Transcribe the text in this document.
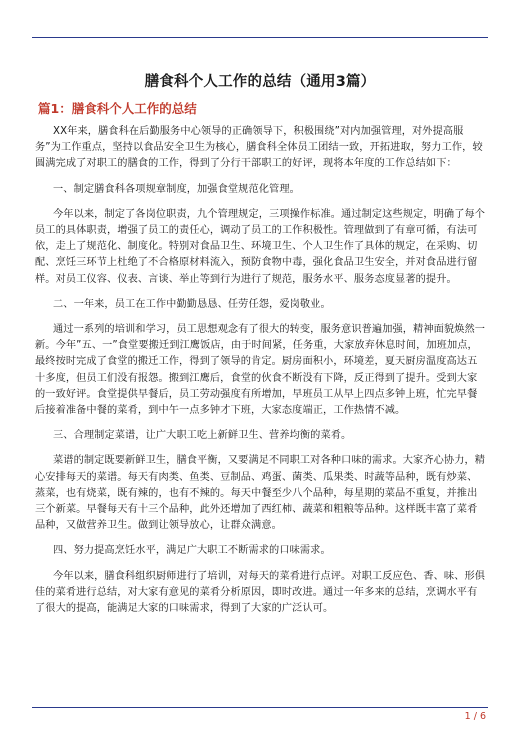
膳食科个人工作的总结（通用3篇）
篇1：膳食科个人工作的总结

XX年来，膳食科在后勤服务中心领导的正确领导下，积极围绕”对内加强管理，对外提高服务”为工作重点，坚持以食品安全卫生为核心，膳食科全体员工团结一致，开拓进取，努力工作，较圆满完成了对职工的膳食的工作，得到了分行干部职工的好评，现将本年度的工作总结如下：

一、制定膳食科各项规章制度，加强食堂规范化管理。

今年以来，制定了各岗位职责，九个管理规定，三项操作标准。通过制定这些规定，明确了每个员工的具体职责，增强了员工的责任心，调动了员工的工作积极性。管理做到了有章可循，有法可依，走上了规范化、制度化。特别对食品卫生、环境卫生、个人卫生作了具体的规定，在采购、切配、烹饪三环节上杜绝了不合格原材料流入，预防食物中毒，强化食品卫生安全，并对食品进行留样。对员工仪容、仪表、言谈、举止等到行为进行了规范，服务水平、服务态度显著的提升。

二、一年来，员工在工作中勤勤恳恳、任劳任怨，爱岗敬业。

通过一系列的培训和学习，员工思想观念有了很大的转变，服务意识普遍加强，精神面貌焕然一新。今年”五、一”食堂要搬迁到江鹰饭店，由于时间紧，任务重，大家放弃休息时间，加班加点，最终按时完成了食堂的搬迁工作，得到了领导的肯定。厨房面积小，环境差，夏天厨房温度高达五十多度，但员工们没有报怨。搬到江鹰后，食堂的伙食不断没有下降，反正得到了提升。受到大家的一致好评。食堂提供早餐后，员工劳动强度有所增加，早班员工从早上四点多钟上班，忙完早餐后接着准备中餐的菜肴，到中午一点多钟才下班，大家态度端正，工作热情不减。

三、合理制定菜谱，让广大职工吃上新鲜卫生、营养均衡的菜肴。

菜谱的制定既要新鲜卫生，膳食平衡，又要满足不同职工对各种口味的需求。大家齐心协力，精心安排每天的菜谱。每天有肉类、鱼类、豆制品、鸡蛋、菌类、瓜果类、时蔬等品种，既有炒菜、蒸菜，也有烧菜，既有辣的，也有不辣的。每天中餐至少八个品种，每星期的菜品不重复，并推出三个新菜。早餐每天有十三个品种，此外还增加了西红柿、蔬菜和粗粮等品种。这样既丰富了菜肴品种，又做营养卫生。做到让领导放心，让群众满意。

四、努力提高烹饪水平，满足广大职工不断需求的口味需求。

今年以来，膳食科组织厨师进行了培训，对每天的菜肴进行点评。对职工反应色、香、味、形俱佳的菜肴进行总结，对大家有意见的菜肴分析原因，即时改进。通过一年多来的总结，烹调水平有了很大的提高，能满足大家的口味需求，得到了大家的广泛认可。

1 / 6
